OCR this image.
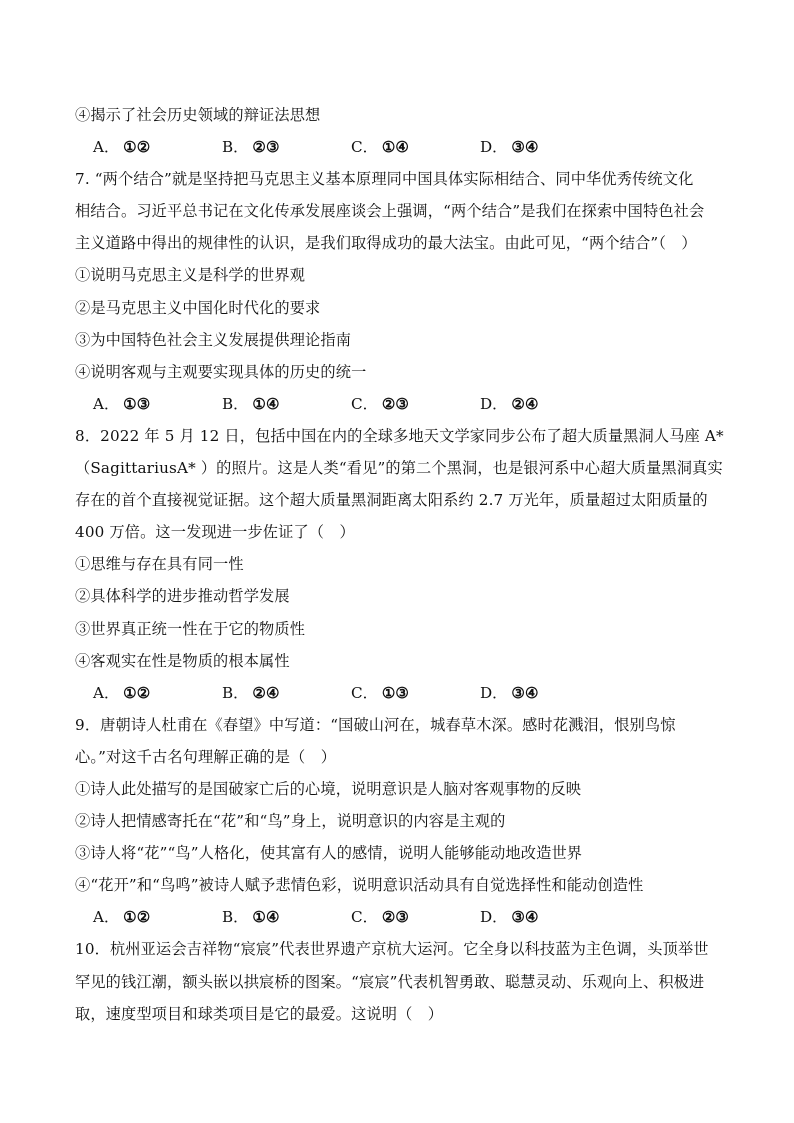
④揭示了社会历史领域的辩证法思想
A． ①②	B． ②③	C． ①④	D． ③④
7. “两个结合”就是坚持把马克思主义基本原理同中国具体实际相结合、同中华优秀传统文化
相结合。习近平总书记在文化传承发展座谈会上强调，“两个结合”是我们在探索中国特色社会
主义道路中得出的规律性的认识，是我们取得成功的最大法宝。由此可见，“两个结合”（　）
①说明马克思主义是科学的世界观
②是马克思主义中国化时代化的要求
③为中国特色社会主义发展提供理论指南
④说明客观与主观要实现具体的历史的统一
A． ①③	B． ①④	C． ②③	D． ②④
8．2022 年 5 月 12 日，包括中国在内的全球多地天文学家同步公布了超大质量黑洞人马座 A*
（SagittariusA* ）的照片。这是人类“看见”的第二个黑洞，也是银河系中心超大质量黑洞真实
存在的首个直接视觉证据。这个超大质量黑洞距离太阳系约 2.7 万光年，质量超过太阳质量的
400 万倍。这一发现进一步佐证了（　）
①思维与存在具有同一性
②具体科学的进步推动哲学发展
③世界真正统一性在于它的物质性
④客观实在性是物质的根本属性
A． ①②	B． ②④	C． ①③	D． ③④
9．唐朝诗人杜甫在《春望》中写道：“国破山河在，城春草木深。感时花溅泪，恨别鸟惊
心。”对这千古名句理解正确的是（　）
①诗人此处描写的是国破家亡后的心境，说明意识是人脑对客观事物的反映
②诗人把情感寄托在“花”和“鸟”身上，说明意识的内容是主观的
③诗人将“花”“鸟”人格化，使其富有人的感情，说明人能够能动地改造世界
④“花开”和“鸟鸣”被诗人赋予悲情色彩，说明意识活动具有自觉选择性和能动创造性
A． ①②	B． ①④	C． ②③	D． ③④
10．杭州亚运会吉祥物“宸宸”代表世界遗产京杭大运河。它全身以科技蓝为主色调，头顶举世
罕见的钱江潮，额头嵌以拱宸桥的图案。“宸宸”代表机智勇敢、聪慧灵动、乐观向上、积极进
取，速度型项目和球类项目是它的最爱。这说明（　）
